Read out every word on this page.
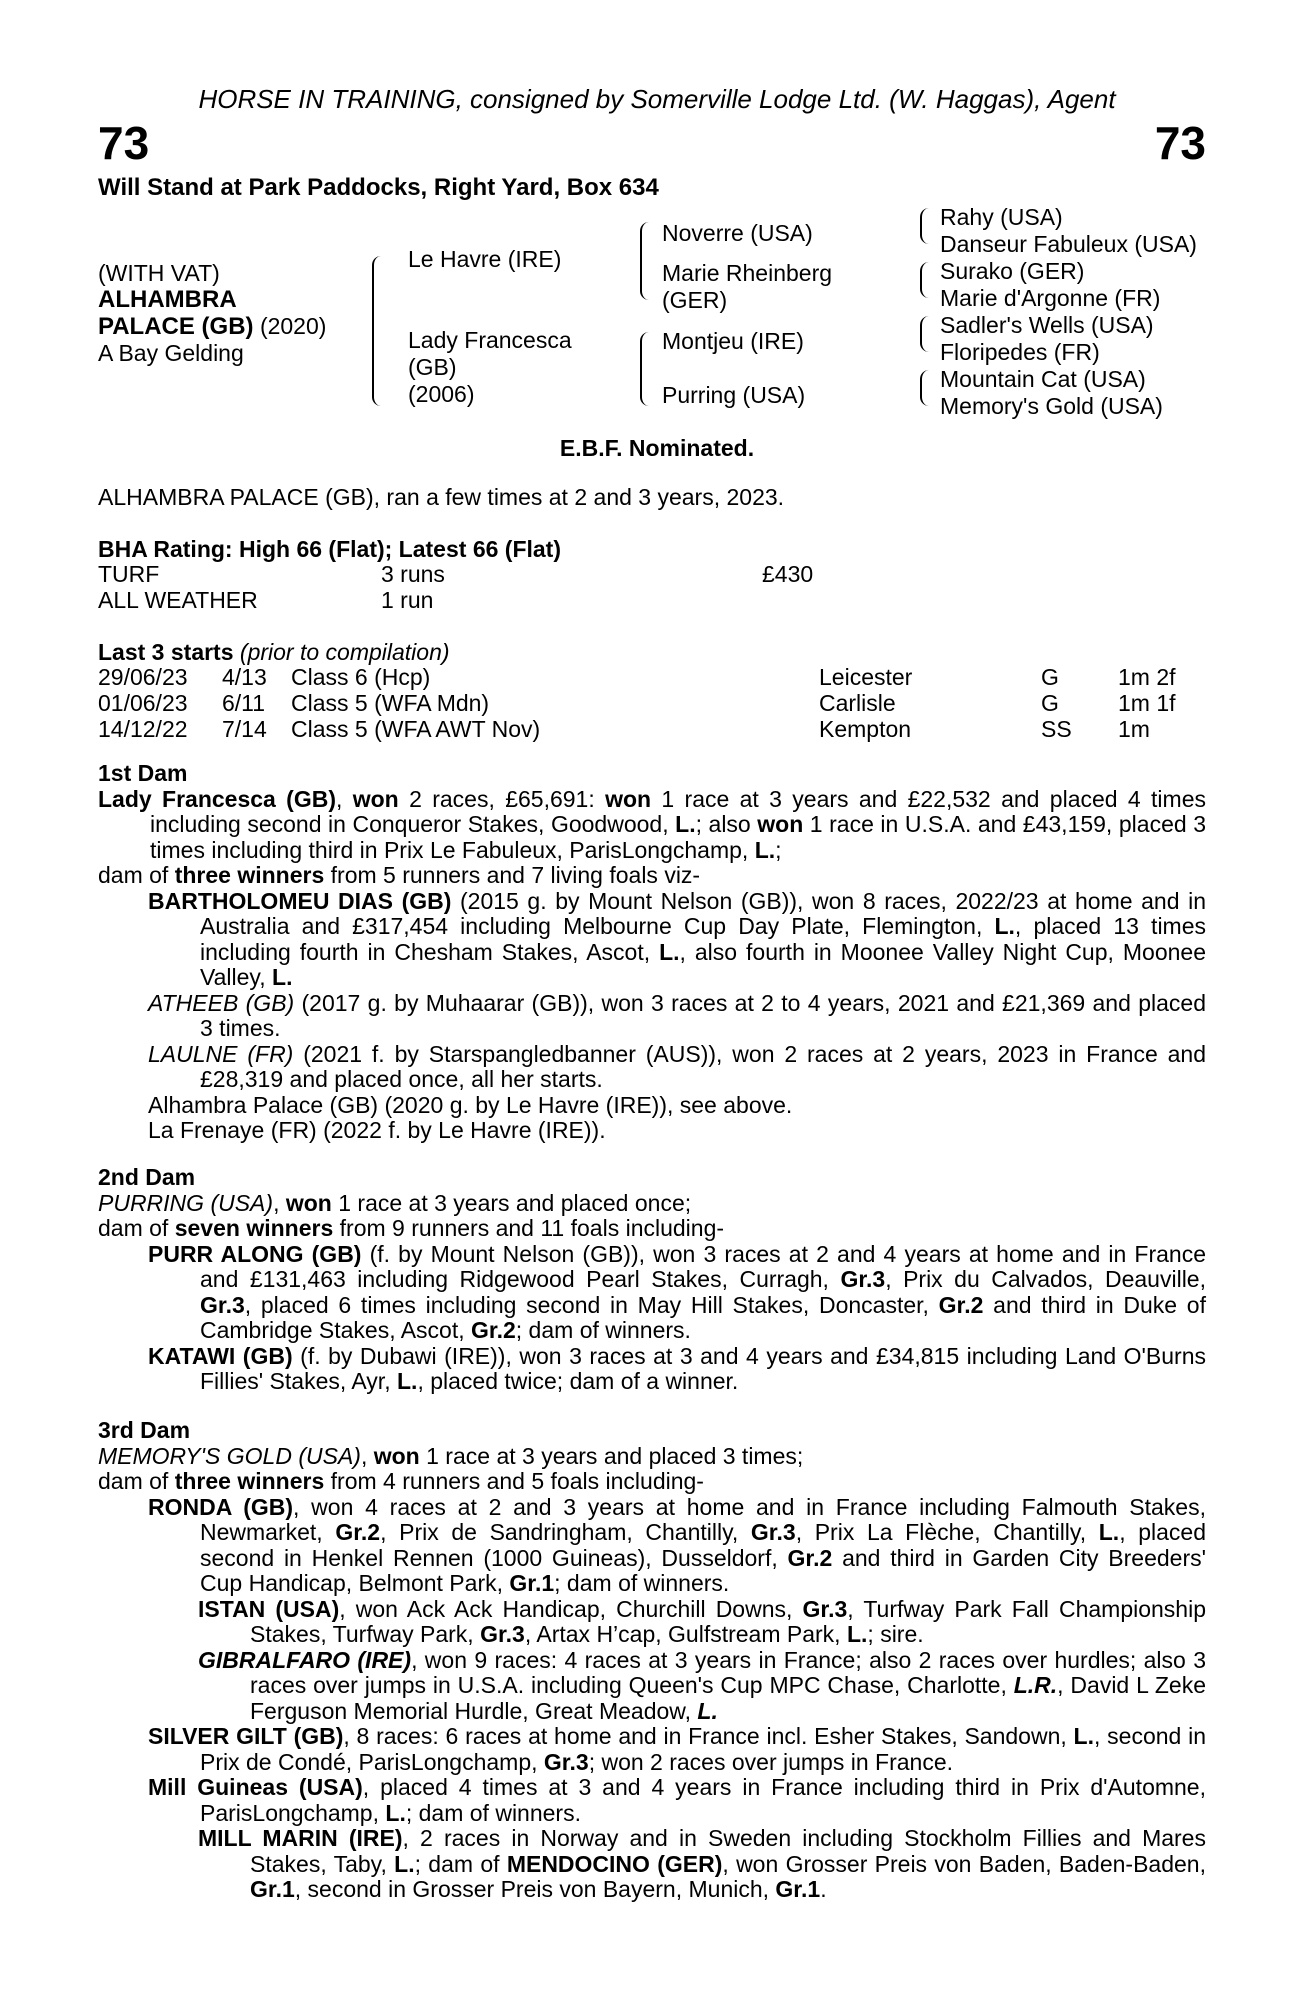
HORSE IN TRAINING, consigned by Somerville Lodge Ltd. (W. Haggas), Agent
73	73
Will Stand at Park Paddocks, Right Yard, Box 634
(WITH VAT)
ALHAMBRA
PALACE (GB) (2020)
A Bay Gelding
Le Havre (IRE)
Lady Francesca
(GB)
(2006)
Noverre (USA)
Marie Rheinberg
(GER)
Montjeu (IRE)
Purring (USA)
Rahy (USA)
Danseur Fabuleux (USA)
Surako (GER)
Marie d'Argonne (FR)
Sadler's Wells (USA)
Floripedes (FR)
Mountain Cat (USA)
Memory's Gold (USA)
E.B.F. Nominated.
ALHAMBRA PALACE (GB), ran a few times at 2 and 3 years, 2023.
BHA Rating: High 66 (Flat); Latest 66 (Flat)
TURF	3 runs	£430
ALL WEATHER	1 run
Last 3 starts (prior to compilation)
29/06/23 4/13 Class 6 (Hcp)	Leicester	G	1m 2f
01/06/23 6/11 Class 5 (WFA Mdn)	Carlisle	G	1m 1f
14/12/22 7/14 Class 5 (WFA AWT Nov)	Kempton	SS 1m

1st Dam

Lady Francesca (GB), won 2 races, £65,691: won 1 race at 3 years and £22,532 and placed 4 times including second in Conqueror Stakes, Goodwood, L.; also won 1 race in U.S.A. and £43,159, placed 3 times including third in Prix Le Fabuleux, ParisLongchamp, L.;

dam of three winners from 5 runners and 7 living foals viz-

BARTHOLOMEU DIAS (GB) (2015 g. by Mount Nelson (GB)), won 8 races, 2022/23 at home and in Australia and £317,454 including Melbourne Cup Day Plate, Flemington, L., placed 13 times including fourth in Chesham Stakes, Ascot, L., also fourth in Moonee Valley Night Cup, Moonee Valley, L.

ATHEEB (GB) (2017 g. by Muhaarar (GB)), won 3 races at 2 to 4 years, 2021 and £21,369 and placed 3 times.

LAULNE (FR) (2021 f. by Starspangledbanner (AUS)), won 2 races at 2 years, 2023 in France and £28,319 and placed once, all her starts.

Alhambra Palace (GB) (2020 g. by Le Havre (IRE)), see above.

La Frenaye (FR) (2022 f. by Le Havre (IRE)).

2nd Dam

PURRING (USA), won 1 race at 3 years and placed once;

dam of seven winners from 9 runners and 11 foals including-

PURR ALONG (GB) (f. by Mount Nelson (GB)), won 3 races at 2 and 4 years at home and in France and £131,463 including Ridgewood Pearl Stakes, Curragh, Gr.3, Prix du Calvados, Deauville, Gr.3, placed 6 times including second in May Hill Stakes, Doncaster, Gr.2 and third in Duke of Cambridge Stakes, Ascot, Gr.2; dam of winners.

KATAWI (GB) (f. by Dubawi (IRE)), won 3 races at 3 and 4 years and £34,815 including Land O'Burns Fillies' Stakes, Ayr, L., placed twice; dam of a winner.

3rd Dam

MEMORY'S GOLD (USA), won 1 race at 3 years and placed 3 times;

dam of three winners from 4 runners and 5 foals including-

RONDA (GB), won 4 races at 2 and 3 years at home and in France including Falmouth Stakes, Newmarket, Gr.2, Prix de Sandringham, Chantilly, Gr.3, Prix La Flèche, Chantilly, L., placed second in Henkel Rennen (1000 Guineas), Dusseldorf, Gr.2 and third in Garden City Breeders' Cup Handicap, Belmont Park, Gr.1; dam of winners.

ISTAN (USA), won Ack Ack Handicap, Churchill Downs, Gr.3, Turfway Park Fall Championship Stakes, Turfway Park, Gr.3, Artax H’cap, Gulfstream Park, L.; sire.

GIBRALFARO (IRE), won 9 races: 4 races at 3 years in France; also 2 races over hurdles; also 3 races over jumps in U.S.A. including Queen's Cup MPC Chase, Charlotte, L.R., David L Zeke Ferguson Memorial Hurdle, Great Meadow, L.

SILVER GILT (GB), 8 races: 6 races at home and in France incl. Esher Stakes, Sandown, L., second in Prix de Condé, ParisLongchamp, Gr.3; won 2 races over jumps in France.

Mill Guineas (USA), placed 4 times at 3 and 4 years in France including third in Prix d'Automne, ParisLongchamp, L.; dam of winners.

MILL MARIN (IRE), 2 races in Norway and in Sweden including Stockholm Fillies and Mares Stakes, Taby, L.; dam of MENDOCINO (GER), won Grosser Preis von Baden, Baden-Baden, Gr.1, second in Grosser Preis von Bayern, Munich, Gr.1.
